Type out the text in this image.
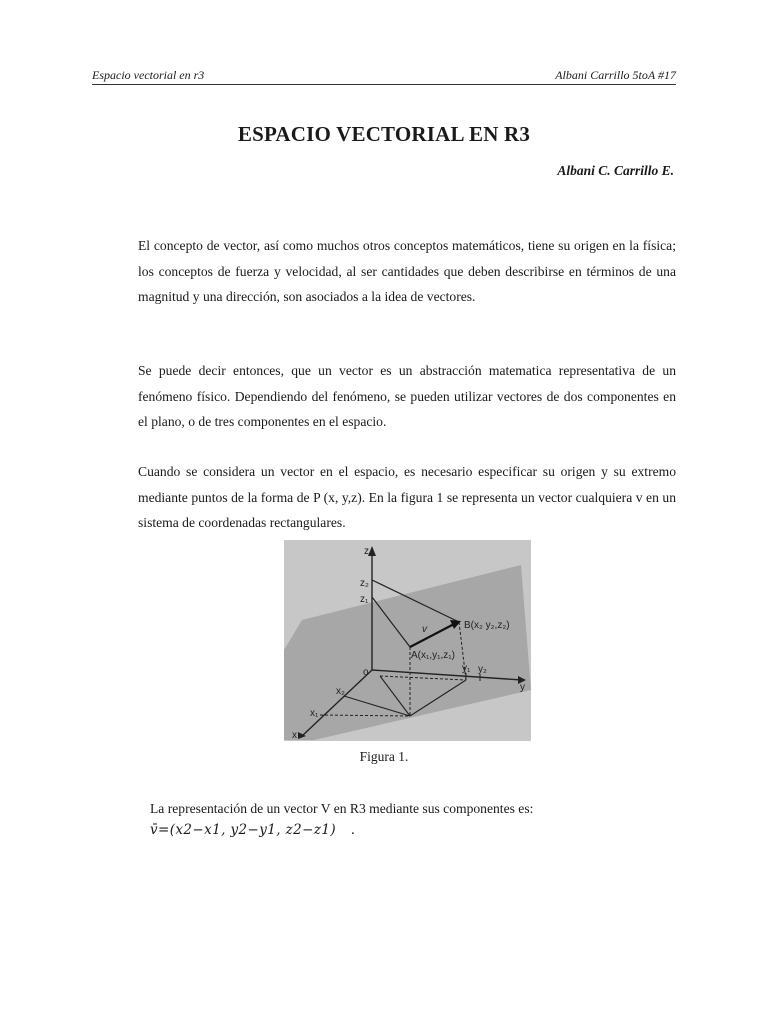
Espacio vectorial en r3	Albani Carrillo 5toA #17
ESPACIO VECTORIAL EN R3
Albani C. Carrillo E.

El concepto de vector, así como muchos otros conceptos matemáticos, tiene su origen en la física; los conceptos de fuerza y velocidad, al ser cantidades que deben describirse en términos de una magnitud y una dirección, son asociados a la idea de vectores.

Se puede decir entonces, que un vector es un abstracción matematica representativa de un fenómeno físico. Dependiendo del fenómeno, se pueden utilizar vectores de dos componentes en el plano, o de tres componentes en el espacio.

Cuando se considera un vector en el espacio, es necesario especificar su origen y su extremo mediante puntos de la forma de P (x, y,z). En la figura 1 se representa un vector cualquiera v en un sistema de coordenadas rectangulares.

z
z₂
z₁
v	B(x₂ y₂,z₂)
A(x₁,y₁,z₁)
o	y₁ y₂
y
x₂
x₁
x
Figura 1.

La representación de un vector V en R3 mediante sus componentes es:

v̄=(x2−x1, y2−y1, z2−z1) .
